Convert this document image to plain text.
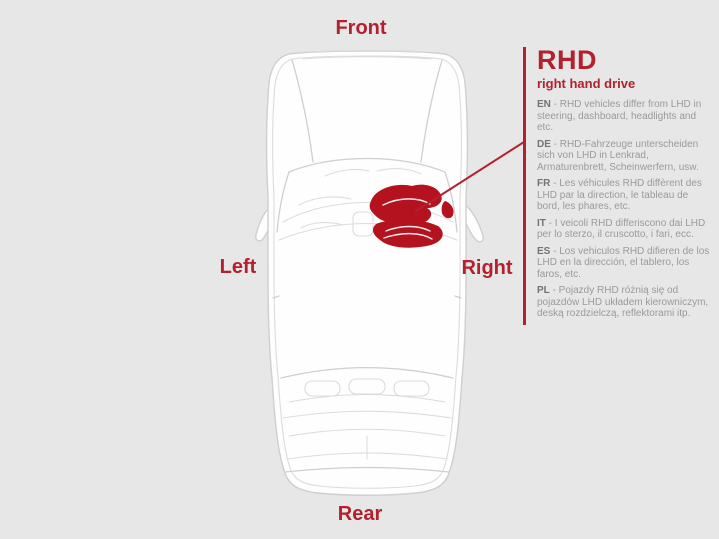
Front
Left	Right
Rear
RHD
right hand drive

EN - RHD vehicles differ from LHD in steering, dashboard, headlights and etc.

DE - RHD-Fahrzeuge unterscheiden sich von LHD in Lenkrad, Armaturenbrett, Scheinwerfern, usw.

FR - Les véhicules RHD diffèrent des LHD par la direction, le tableau de bord, les phares, etc.

IT - I veicoli RHD differiscono dai LHD per lo sterzo, il cruscotto, i fari, ecc.

ES - Los vehiculos RHD difieren de los LHD en la dirección, el tablero, los faros, etc.

PL - Pojazdy RHD różnią się od pojazdów LHD układem kierowniczym, deską rozdzielczą, reflektorami itp.
